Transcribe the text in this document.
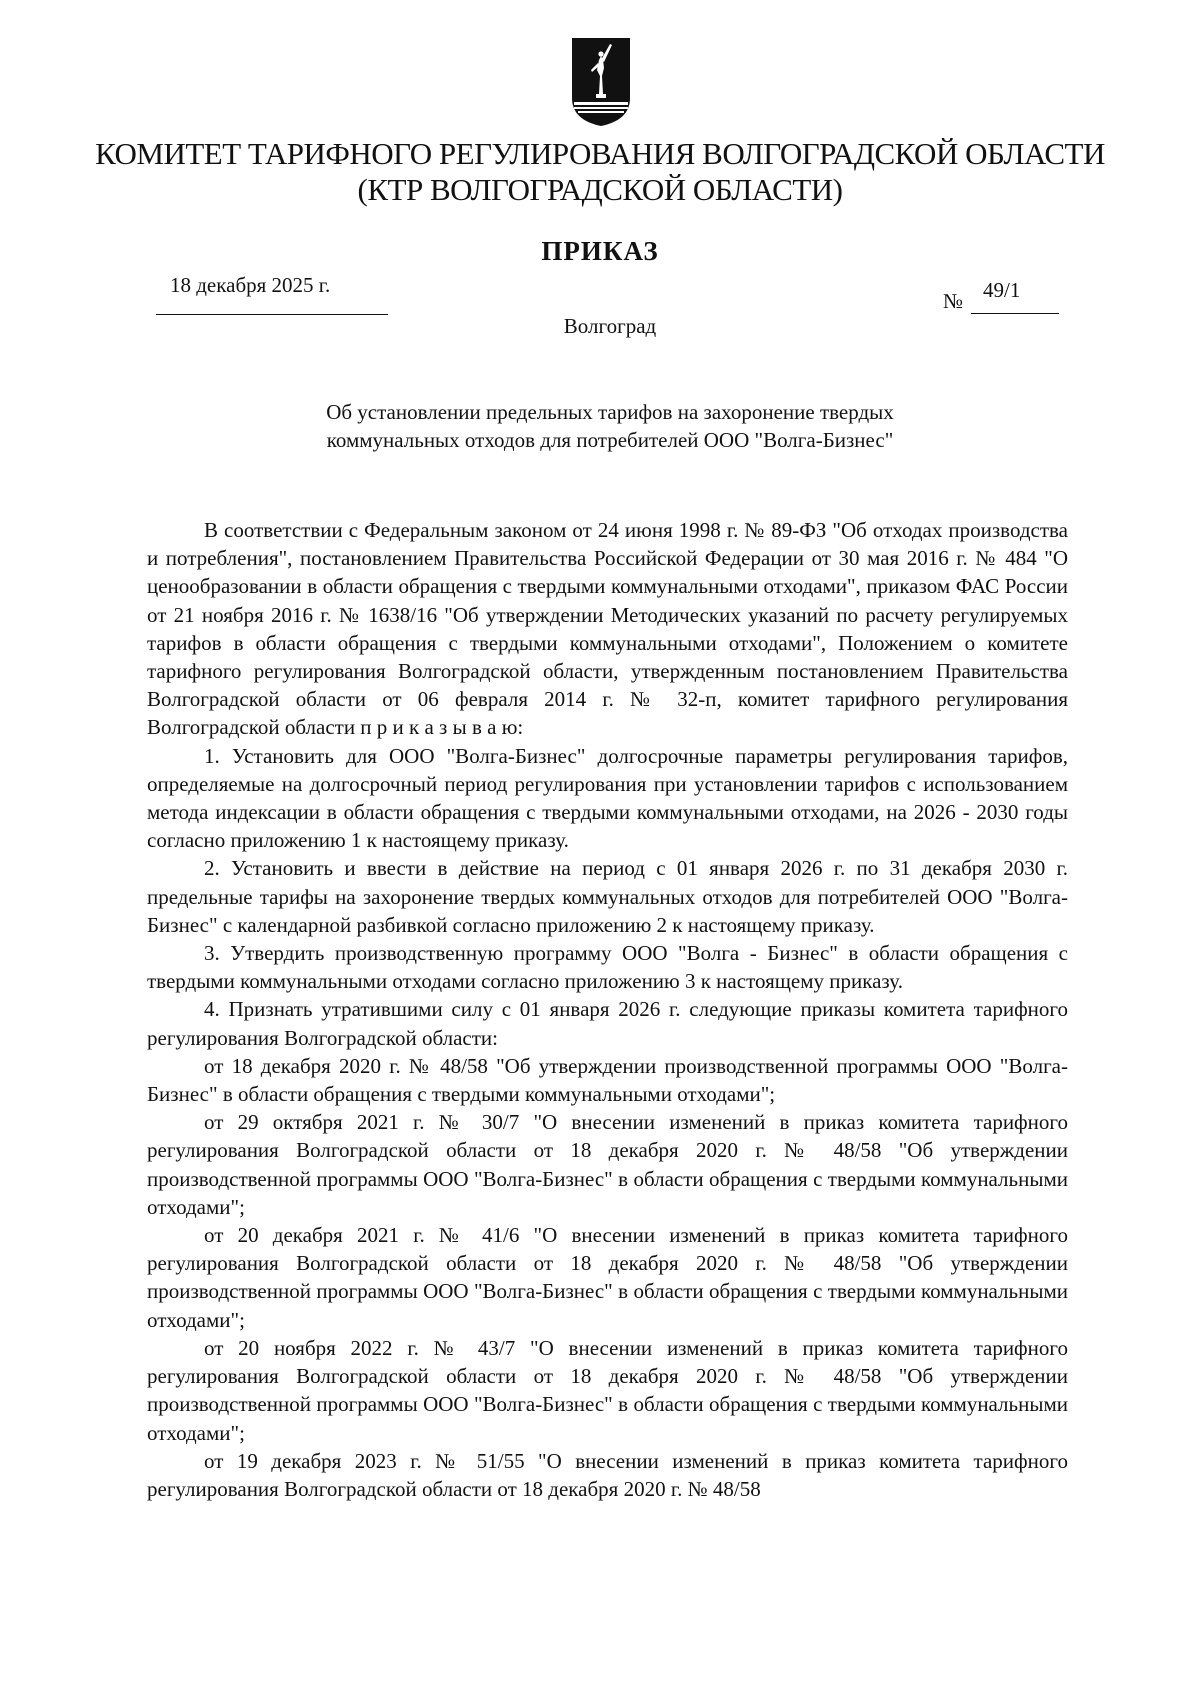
КОМИТЕТ ТАРИФНОГО РЕГУЛИРОВАНИЯ ВОЛГОГРАДСКОЙ ОБЛАСТИ
(КТР ВОЛГОГРАДСКОЙ ОБЛАСТИ)
ПРИКАЗ
18 декабря 2025 г.
№ 49/1
Волгоград
Об установлении предельных тарифов на захоронение твердых
коммунальных отходов для потребителей ООО "Волга-Бизнес"

В соответствии с Федеральным законом от 24 июня 1998 г. № 89-ФЗ "Об отходах производства и потребления", постановлением Правительства Российской Федерации от 30 мая 2016 г. № 484 "О ценообразовании в области обращения с твердыми коммунальными отходами", приказом ФАС России от 21 ноября 2016 г. № 1638/16 "Об утверждении Методических указаний по расчету регулируемых тарифов в области обращения с твердыми коммунальными отходами", Положением о комитете тарифного регулирования Волгоградской области, утвержденным постановлением Правительства Волгоградской области от 06 февраля 2014 г. № 32-п, комитет тарифного регулирования Волгоградской области п р и к а з ы в а ю:

1. Установить для ООО "Волга-Бизнес" долгосрочные параметры регулирования тарифов, определяемые на долгосрочный период регулирования при установлении тарифов с использованием метода индексации в области обращения с твердыми коммунальными отходами, на 2026 - 2030 годы согласно приложению 1 к настоящему приказу.

2. Установить и ввести в действие на период с 01 января 2026 г. по 31 декабря 2030 г. предельные тарифы на захоронение твердых коммунальных отходов для потребителей ООО "Волга-Бизнес" с календарной разбивкой согласно приложению 2 к настоящему приказу.

3. Утвердить производственную программу ООО "Волга - Бизнес" в области обращения с твердыми коммунальными отходами согласно приложению 3 к настоящему приказу.

4. Признать утратившими силу с 01 января 2026 г. следующие приказы комитета тарифного регулирования Волгоградской области:

от 18 декабря 2020 г. № 48/58 "Об утверждении производственной программы ООО "Волга-Бизнес" в области обращения с твердыми коммунальными отходами";

от 29 октября 2021 г. № 30/7 "О внесении изменений в приказ комитета тарифного регулирования Волгоградской области от 18 декабря 2020 г. № 48/58 "Об утверждении производственной программы ООО "Волга-Бизнес" в области обращения с твердыми коммунальными отходами";

от 20 декабря 2021 г. № 41/6 "О внесении изменений в приказ комитета тарифного регулирования Волгоградской области от 18 декабря 2020 г. № 48/58 "Об утверждении производственной программы ООО "Волга-Бизнес" в области обращения с твердыми коммунальными отходами";

от 20 ноября 2022 г. № 43/7 "О внесении изменений в приказ комитета тарифного регулирования Волгоградской области от 18 декабря 2020 г. № 48/58 "Об утверждении производственной программы ООО "Волга-Бизнес" в области обращения с твердыми коммунальными отходами";

от 19 декабря 2023 г. № 51/55 "О внесении изменений в приказ комитета тарифного регулирования Волгоградской области от 18 декабря 2020 г. № 48/58
